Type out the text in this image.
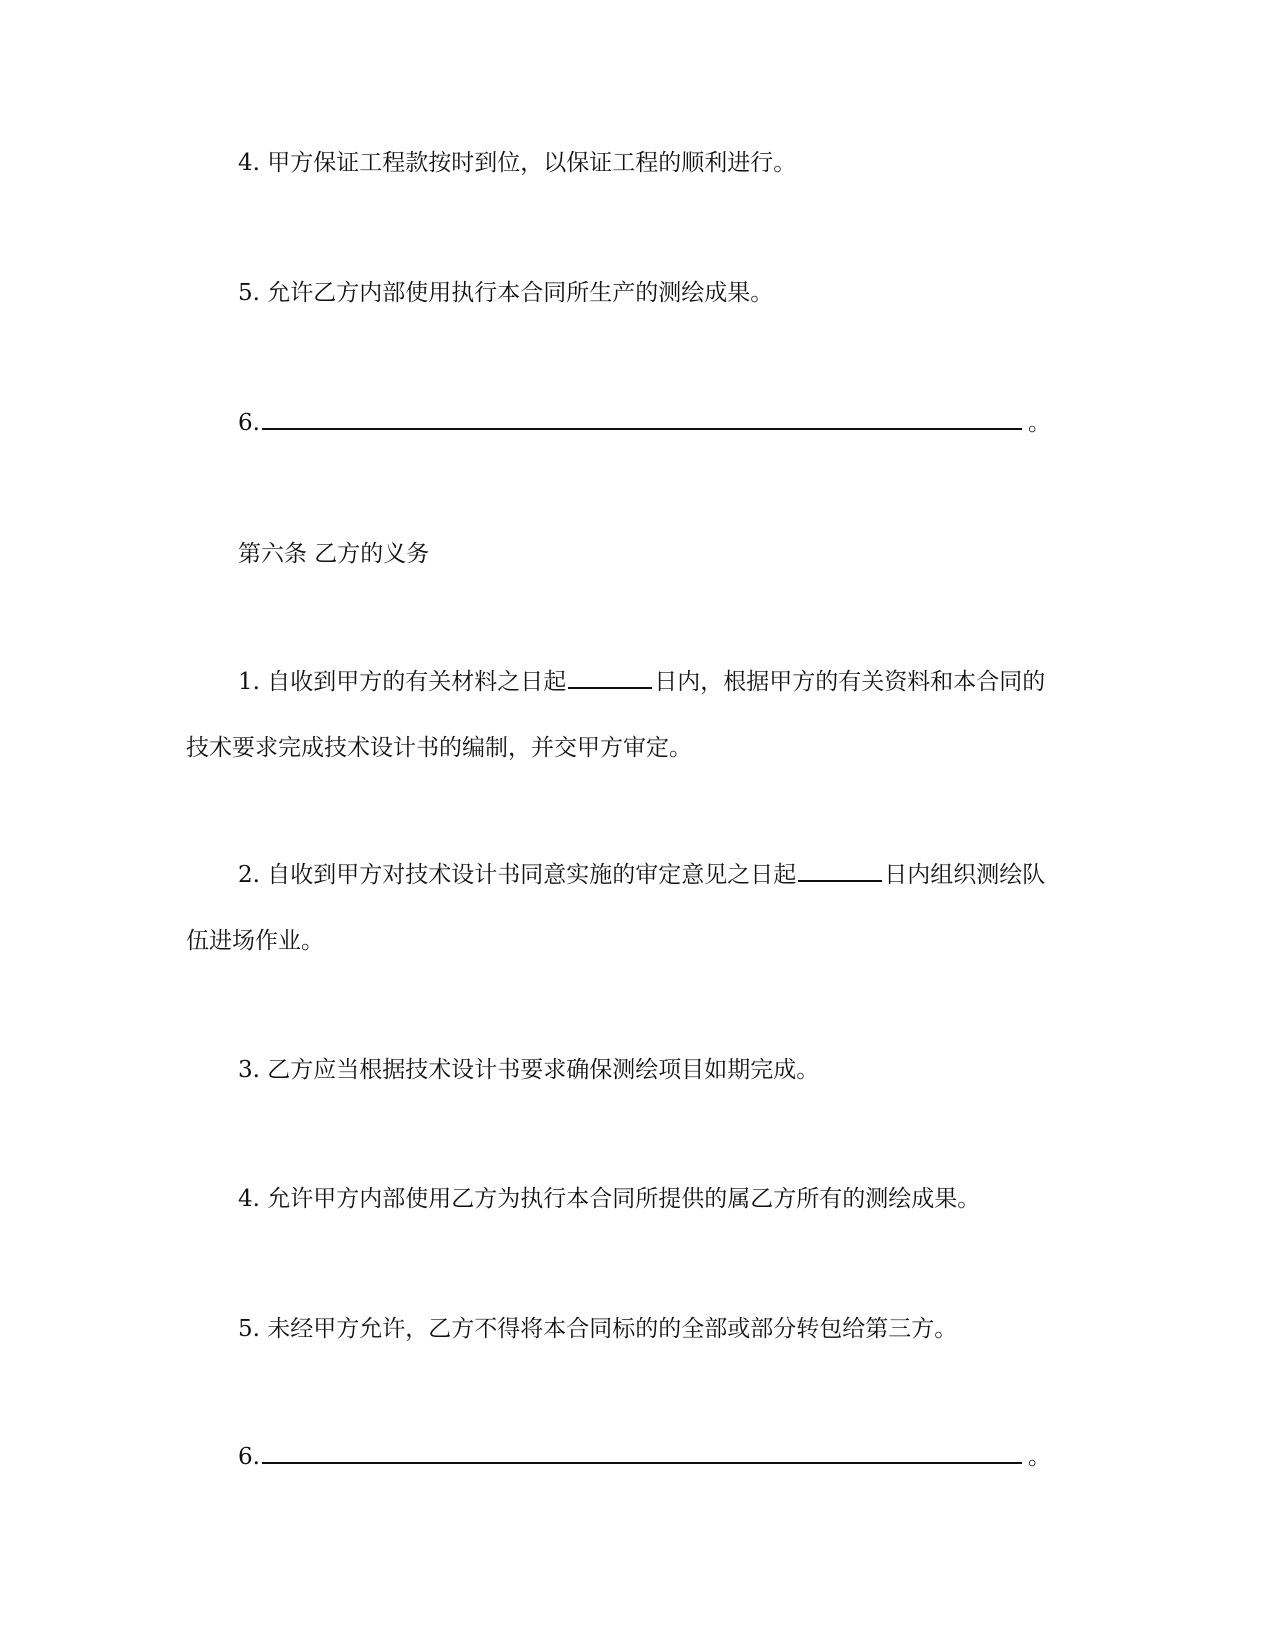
4. 甲方保证工程款按时到位，以保证工程的顺利进行。
5. 允许乙方内部使用执行本合同所生产的测绘成果。
6.	。
第六条 乙方的义务
1. 自收到甲方的有关材料之日起	日内，根据甲方的有关资料和本合同的
技术要求完成技术设计书的编制，并交甲方审定。
2. 自收到甲方对技术设计书同意实施的审定意见之日起	日内组织测绘队
伍进场作业。
3. 乙方应当根据技术设计书要求确保测绘项目如期完成。
4. 允许甲方内部使用乙方为执行本合同所提供的属乙方所有的测绘成果。
5. 未经甲方允许，乙方不得将本合同标的的全部或部分转包给第三方。
6.	。
